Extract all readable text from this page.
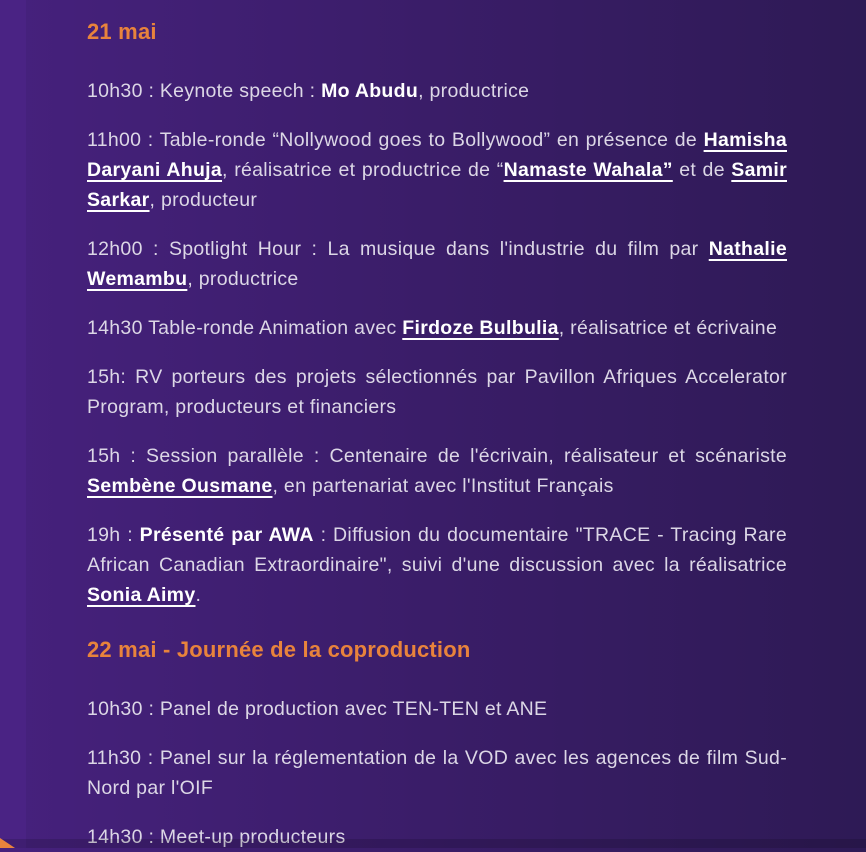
21 mai

10h30 : Keynote speech : Mo Abudu, productrice

11h00 : Table-ronde “Nollywood goes to Bollywood” en présence de Hamisha Daryani Ahuja, réalisatrice et productrice de “Namaste Wahala” et de Samir Sarkar, producteur

12h00 : Spotlight Hour : La musique dans l'industrie du film par Nathalie Wemambu, productrice

14h30 Table-ronde Animation avec Firdoze Bulbulia, réalisatrice et écrivaine

15h: RV porteurs des projets sélectionnés par Pavillon Afriques Accelerator Program, producteurs et financiers

15h : Session parallèle : Centenaire de l'écrivain, réalisateur et scénariste Sembène Ousmane, en partenariat avec l'Institut Français

19h : Présenté par AWA : Diffusion du documentaire "TRACE - Tracing Rare African Canadian Extraordinaire", suivi d'une discussion avec la réalisatrice Sonia Aimy.

22 mai - Journée de la coproduction

10h30 : Panel de production avec TEN-TEN et ANE

11h30 : Panel sur la réglementation de la VOD avec les agences de film Sud-Nord par l'OIF

14h30 : Meet-up producteurs
